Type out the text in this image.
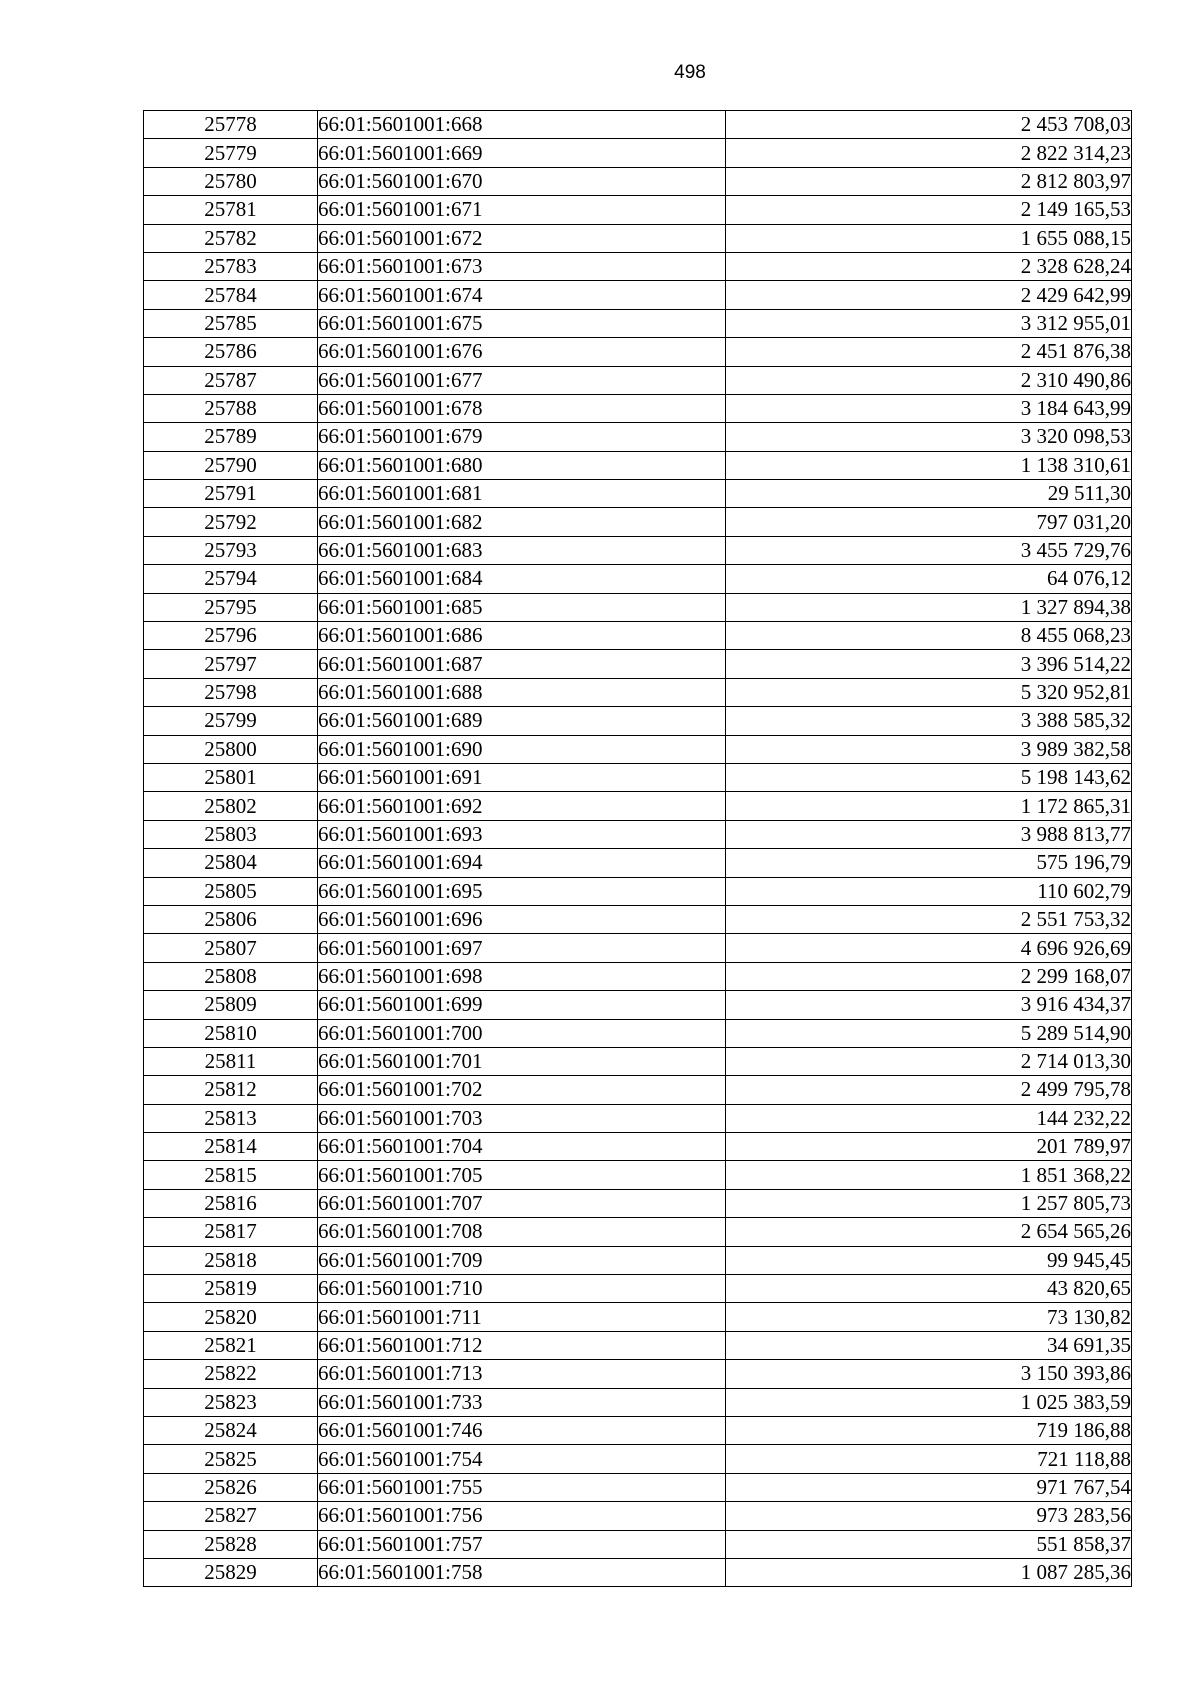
498
25778	66:01:5601001:668	2 453 708,03
25779	66:01:5601001:669	2 822 314,23
25780	66:01:5601001:670	2 812 803,97
25781	66:01:5601001:671	2 149 165,53
25782	66:01:5601001:672	1 655 088,15
25783	66:01:5601001:673	2 328 628,24
25784	66:01:5601001:674	2 429 642,99
25785	66:01:5601001:675	3 312 955,01
25786	66:01:5601001:676	2 451 876,38
25787	66:01:5601001:677	2 310 490,86
25788	66:01:5601001:678	3 184 643,99
25789	66:01:5601001:679	3 320 098,53
25790	66:01:5601001:680	1 138 310,61
25791	66:01:5601001:681	29 511,30
25792	66:01:5601001:682	797 031,20
25793	66:01:5601001:683	3 455 729,76
25794	66:01:5601001:684	64 076,12
25795	66:01:5601001:685	1 327 894,38
25796	66:01:5601001:686	8 455 068,23
25797	66:01:5601001:687	3 396 514,22
25798	66:01:5601001:688	5 320 952,81
25799	66:01:5601001:689	3 388 585,32
25800	66:01:5601001:690	3 989 382,58
25801	66:01:5601001:691	5 198 143,62
25802	66:01:5601001:692	1 172 865,31
25803	66:01:5601001:693	3 988 813,77
25804	66:01:5601001:694	575 196,79
25805	66:01:5601001:695	110 602,79
25806	66:01:5601001:696	2 551 753,32
25807	66:01:5601001:697	4 696 926,69
25808	66:01:5601001:698	2 299 168,07
25809	66:01:5601001:699	3 916 434,37
25810	66:01:5601001:700	5 289 514,90
25811	66:01:5601001:701	2 714 013,30
25812	66:01:5601001:702	2 499 795,78
25813	66:01:5601001:703	144 232,22
25814	66:01:5601001:704	201 789,97
25815	66:01:5601001:705	1 851 368,22
25816	66:01:5601001:707	1 257 805,73
25817	66:01:5601001:708	2 654 565,26
25818	66:01:5601001:709	99 945,45
25819	66:01:5601001:710	43 820,65
25820	66:01:5601001:711	73 130,82
25821	66:01:5601001:712	34 691,35
25822	66:01:5601001:713	3 150 393,86
25823	66:01:5601001:733	1 025 383,59
25824	66:01:5601001:746	719 186,88
25825	66:01:5601001:754	721 118,88
25826	66:01:5601001:755	971 767,54
25827	66:01:5601001:756	973 283,56
25828	66:01:5601001:757	551 858,37
25829	66:01:5601001:758	1 087 285,36
